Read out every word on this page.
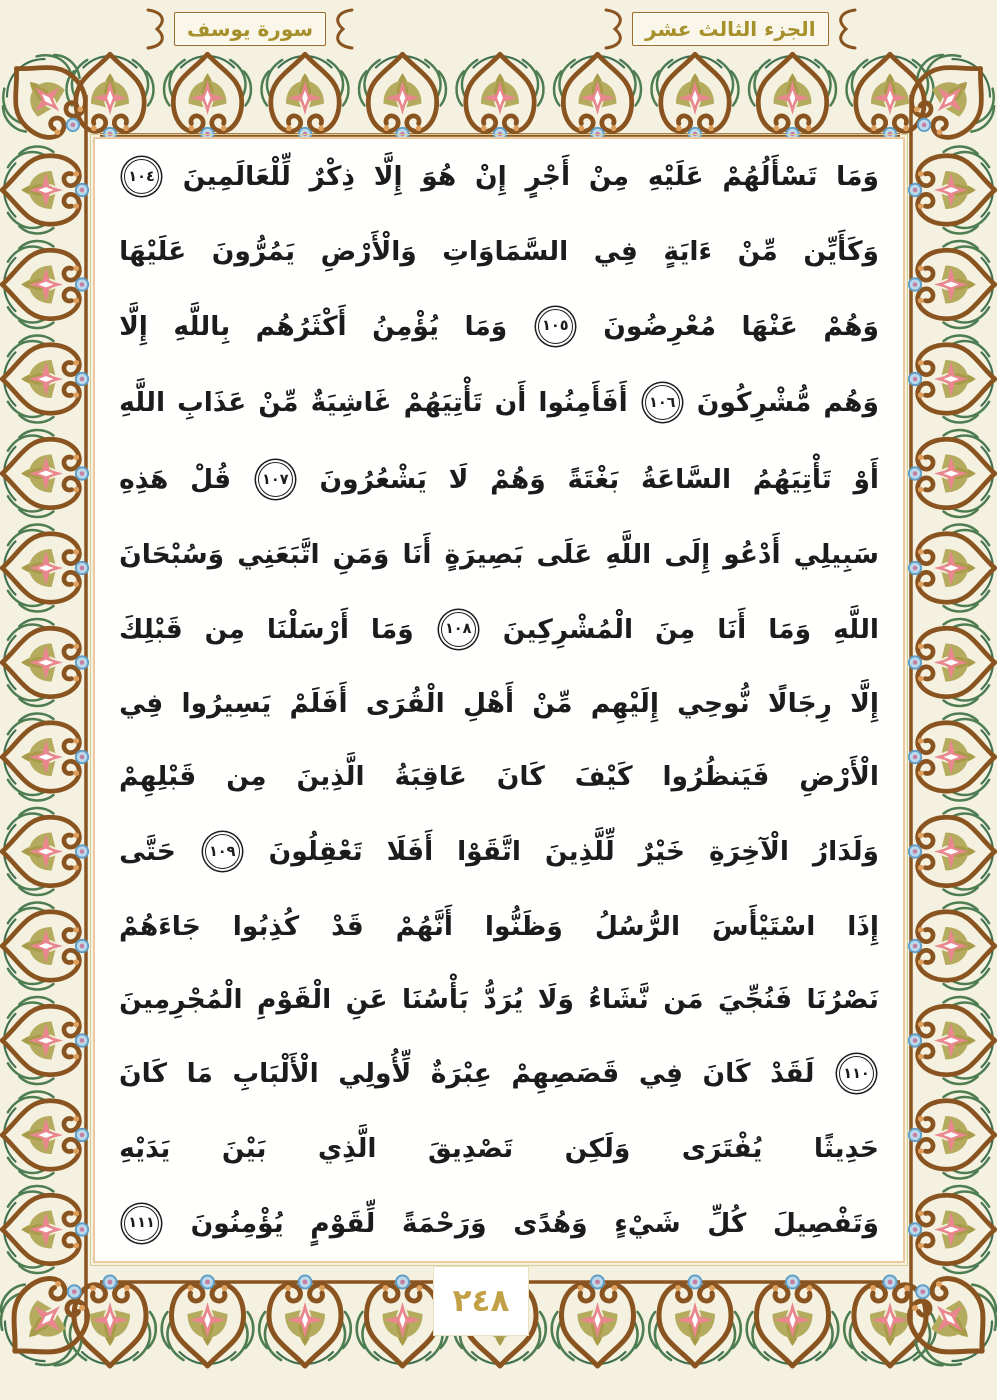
سورة يوسف	الجزء الثالث عشر
وَمَا
تَسْأَلُهُمْ
عَلَيْهِ
مِنْ
أَجْرٍ
إِنْ
هُوَ
إِلَّا
ذِكْرٌ
لِّلْعَالَمِينَ
١٠٤
وَكَأَيِّن
مِّنْ
ءَايَةٍ
فِي
السَّمَاوَاتِ
وَالْأَرْضِ
يَمُرُّونَ
عَلَيْهَا
وَهُمْ
عَنْهَا
مُعْرِضُونَ
١٠٥
وَمَا
يُؤْمِنُ
أَكْثَرُهُم
بِاللَّهِ
إِلَّا
وَهُم
مُّشْرِكُونَ
١٠٦
أَفَأَمِنُوا
أَن
تَأْتِيَهُمْ
غَاشِيَةٌ
مِّنْ
عَذَابِ
اللَّهِ
أَوْ
تَأْتِيَهُمُ
السَّاعَةُ
بَغْتَةً
وَهُمْ
لَا
يَشْعُرُونَ
١٠٧
قُلْ
هَذِهِ
سَبِيلِي
أَدْعُو
إِلَى
اللَّهِ
عَلَى
بَصِيرَةٍ
أَنَا
وَمَنِ
اتَّبَعَنِي
وَسُبْحَانَ
اللَّهِ
وَمَا
أَنَا
مِنَ
الْمُشْرِكِينَ
١٠٨
وَمَا
أَرْسَلْنَا
مِن
قَبْلِكَ
إِلَّا
رِجَالًا
نُّوحِي
إِلَيْهِم
مِّنْ
أَهْلِ
الْقُرَى
أَفَلَمْ
يَسِيرُوا
فِي
الْأَرْضِ
فَيَنظُرُوا
كَيْفَ
كَانَ
عَاقِبَةُ
الَّذِينَ
مِن
قَبْلِهِمْ
وَلَدَارُ
الْآخِرَةِ
خَيْرٌ
لِّلَّذِينَ
اتَّقَوْا
أَفَلَا
تَعْقِلُونَ
١٠٩
حَتَّى
إِذَا
اسْتَيْأَسَ
الرُّسُلُ
وَظَنُّوا
أَنَّهُمْ
قَدْ
كُذِبُوا
جَاءَهُمْ
نَصْرُنَا
فَنُجِّيَ
مَن
نَّشَاءُ
وَلَا
يُرَدُّ
بَأْسُنَا
عَنِ
الْقَوْمِ
الْمُجْرِمِينَ
١١٠
لَقَدْ
كَانَ
فِي
قَصَصِهِمْ
عِبْرَةٌ
لِّأُولِي
الْأَلْبَابِ
مَا
كَانَ
حَدِيثًا
يُفْتَرَى
وَلَكِن
تَصْدِيقَ
الَّذِي
بَيْنَ
يَدَيْهِ
وَتَفْصِيلَ
كُلِّ
شَيْءٍ
وَهُدًى
وَرَحْمَةً
لِّقَوْمٍ
يُؤْمِنُونَ
١١١
٢٤٨
